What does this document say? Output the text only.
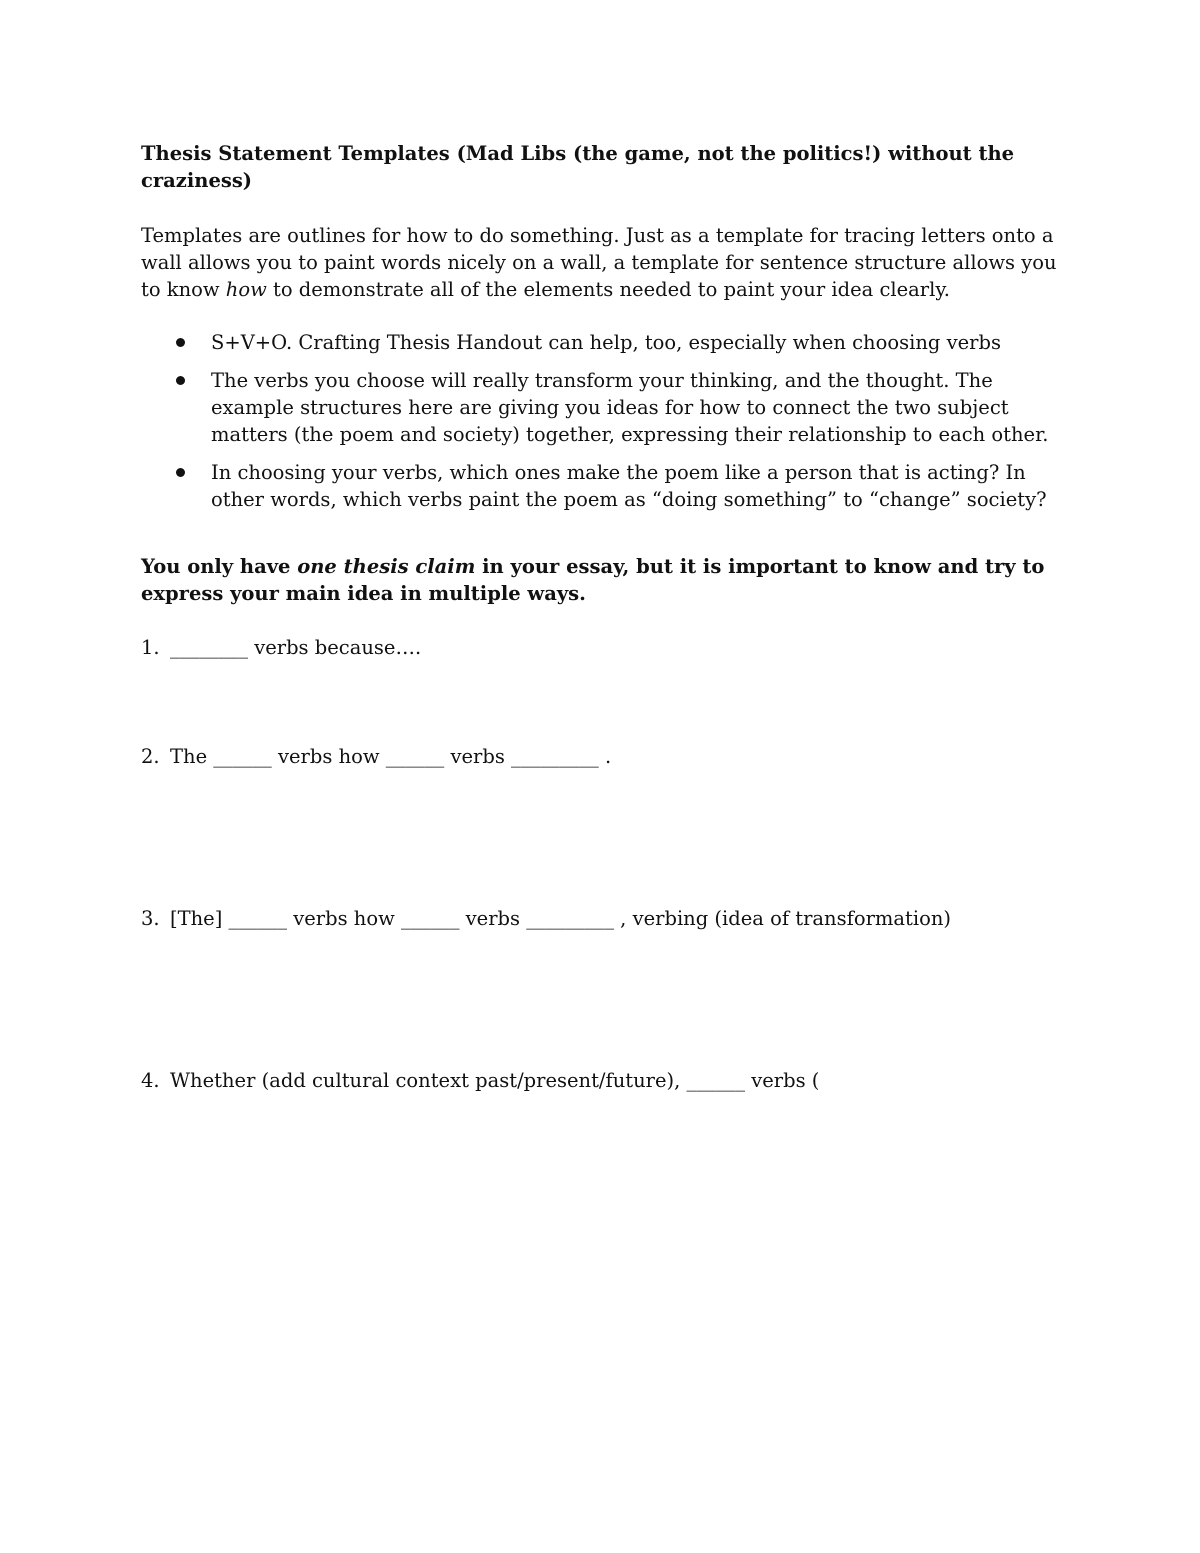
Thesis Statement Templates (Mad Libs (the game, not the politics!) without the craziness)
Templates are outlines for how to do something. Just as a template for tracing letters onto a wall allows you to paint words nicely on a wall, a template for sentence structure allows you to know how to demonstrate all of the elements needed to paint your idea clearly.
S+V+O. Crafting Thesis Handout can help, too, especially when choosing verbs
The verbs you choose will really transform your thinking, and the thought. The example structures here are giving you ideas for how to connect the two subject matters (the poem and society) together, expressing their relationship to each other.
In choosing your verbs, which ones make the poem like a person that is acting? In other words, which verbs paint the poem as “doing something” to “change” society?
You only have one thesis claim in your essay, but it is important to know and try to express your main idea in multiple ways.
1. ________ verbs because….
2. The ______ verbs how ______ verbs _________ .
3. [The] ______ verbs how ______ verbs _________ , verbing (idea of transformation)
4. Whether (add cultural context past/present/future), ______ verbs (
